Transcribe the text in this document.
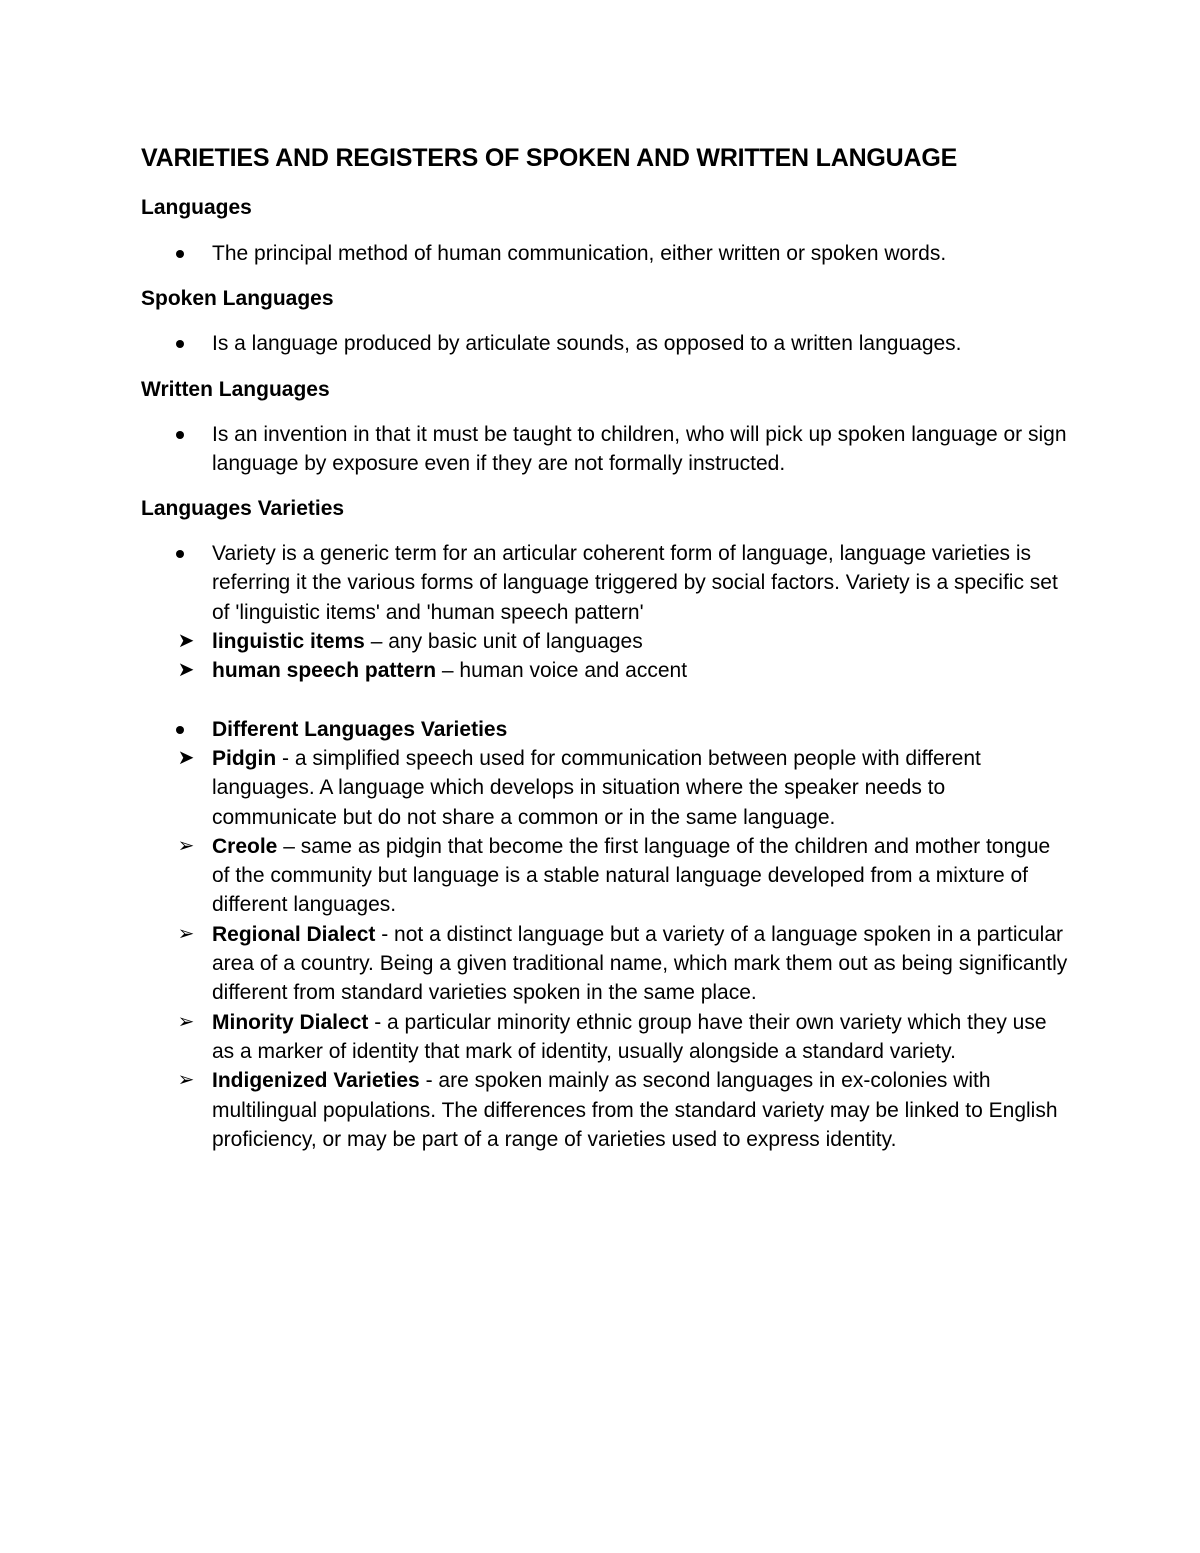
VARIETIES AND REGISTERS OF SPOKEN AND WRITTEN LANGUAGE
Languages
The principal method of human communication, either written or spoken words.
Spoken Languages
Is a language produced by articulate sounds, as opposed to a written languages.
Written Languages
Is an invention in that it must be taught to children, who will pick up spoken language or sign language by exposure even if they are not formally instructed.
Languages Varieties
Variety is a generic term for an articular coherent form of language, language varieties is referring it the various forms of language triggered by social factors. Variety is a specific set of 'linguistic items' and 'human speech pattern'
➤ linguistic items – any basic unit of languages
➤ human speech pattern – human voice and accent
Different Languages Varieties
➤ Pidgin - a simplified speech used for communication between people with different languages. A language which develops in situation where the speaker needs to communicate but do not share a common or in the same language.
➢ Creole – same as pidgin that become the first language of the children and mother tongue of the community but language is a stable natural language developed from a mixture of different languages.
➢ Regional Dialect - not a distinct language but a variety of a language spoken in a particular area of a country. Being a given traditional name, which mark them out as being significantly different from standard varieties spoken in the same place.
➢ Minority Dialect - a particular minority ethnic group have their own variety which they use as a marker of identity that mark of identity, usually alongside a standard variety.
➢ Indigenized Varieties - are spoken mainly as second languages in ex-colonies with multilingual populations. The differences from the standard variety may be linked to English proficiency, or may be part of a range of varieties used to express identity.
